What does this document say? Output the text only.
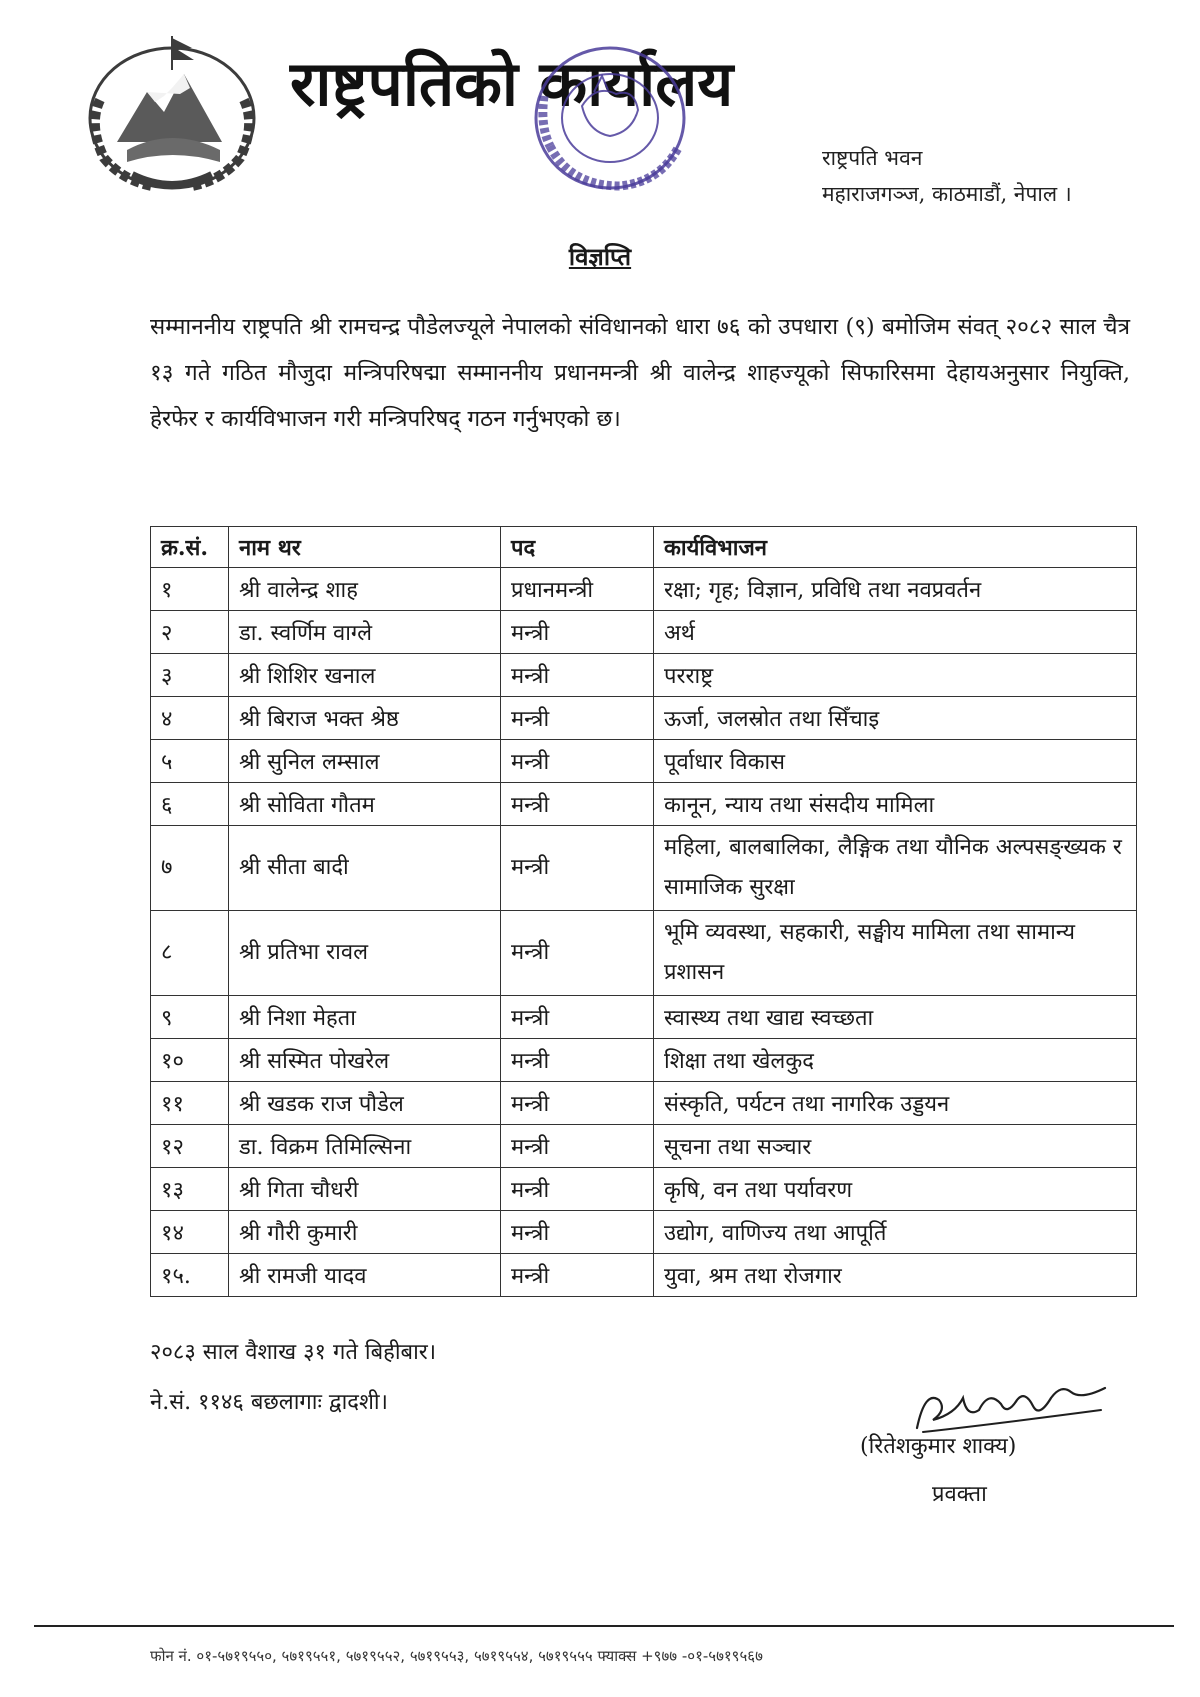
राष्ट्रपतिको कार्यालय
राष्ट्रपति भवन
महाराजगञ्ज, काठमाडौं, नेपाल ।
विज्ञप्ति
सम्माननीय राष्ट्रपति श्री रामचन्द्र पौडेलज्यूले नेपालको संविधानको धारा ७६ को उपधारा (९) बमोजिम संवत् २०८२ साल चैत्र १३ गते गठित मौजुदा मन्त्रिपरिषद्मा सम्माननीय प्रधानमन्त्री श्री वालेन्द्र शाहज्यूको सिफारिसमा देहायअनुसार नियुक्ति, हेरफेर र कार्यविभाजन गरी मन्त्रिपरिषद् गठन गर्नुभएको छ।
क्र.सं.	नाम थर	पद	कार्यविभाजन
१	श्री वालेन्द्र शाह	प्रधानमन्त्री	रक्षा; गृह; विज्ञान, प्रविधि तथा नवप्रवर्तन
२	डा. स्वर्णिम वाग्ले	मन्त्री	अर्थ
३	श्री शिशिर खनाल	मन्त्री	परराष्ट्र
४	श्री बिराज भक्त श्रेष्ठ	मन्त्री	ऊर्जा, जलस्रोत तथा सिँचाइ
५	श्री सुनिल लम्साल	मन्त्री	पूर्वाधार विकास
६	श्री सोविता गौतम	मन्त्री	कानून, न्याय तथा संसदीय मामिला
७	श्री सीता बादी	मन्त्री	महिला, बालबालिका, लैङ्गिक तथा यौनिक अल्पसङ्ख्यक र सामाजिक सुरक्षा
८	श्री प्रतिभा रावल	मन्त्री	भूमि व्यवस्था, सहकारी, सङ्घीय मामिला तथा सामान्य प्रशासन
९	श्री निशा मेहता	मन्त्री	स्वास्थ्य तथा खाद्य स्वच्छता
१०	श्री सस्मित पोखरेल	मन्त्री	शिक्षा तथा खेलकुद
११	श्री खडक राज पौडेल	मन्त्री	संस्कृति, पर्यटन तथा नागरिक उड्डयन
१२	डा. विक्रम तिमिल्सिना	मन्त्री	सूचना तथा सञ्चार
१३	श्री गिता चौधरी	मन्त्री	कृषि, वन तथा पर्यावरण
१४	श्री गौरी कुमारी	मन्त्री	उद्योग, वाणिज्य तथा आपूर्ति
१५.	श्री रामजी यादव	मन्त्री	युवा, श्रम तथा रोजगार
२०८३ साल वैशाख ३१ गते बिहीबार।
ने.सं. ११४६ बछलागाः द्वादशी।
(रितेशकुमार शाक्य)
प्रवक्ता
फोन नं. ०१-५७१९५५०, ५७१९५५१, ५७१९५५२, ५७१९५५३, ५७१९५५४, ५७१९५५५ फ्याक्स +९७७ -०१-५७१९५६७
